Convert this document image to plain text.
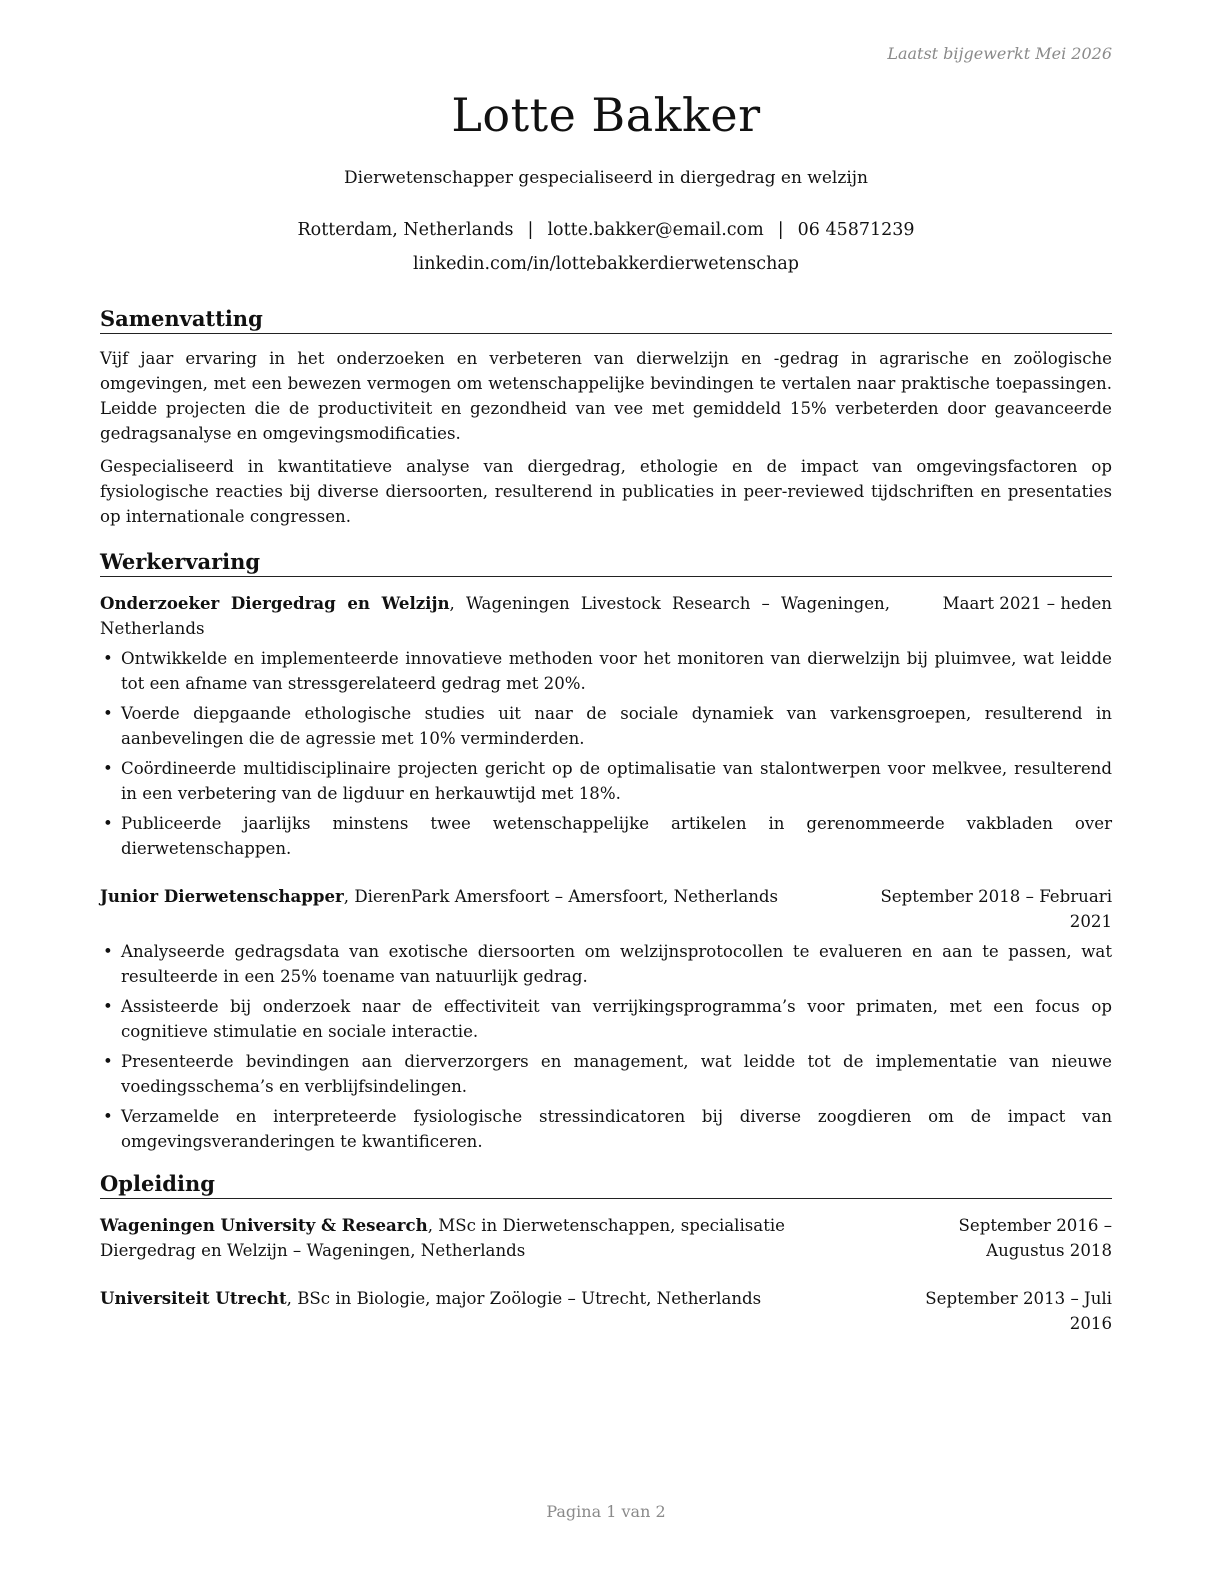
Laatst bijgewerkt Mei 2026
Lotte Bakker
Dierwetenschapper gespecialiseerd in diergedrag en welzijn
Rotterdam, Netherlands | lotte.bakker@email.com | 06 45871239
linkedin.com/in/lottebakkerdierwetenschap
Samenvatting

Vijf jaar ervaring in het onderzoeken en verbeteren van dierwelzijn en -gedrag in agrarische en zoölogische omgevingen, met een bewezen vermogen om wetenschappelijke bevindingen te vertalen naar praktische toepassingen. Leidde projecten die de productiviteit en gezondheid van vee met gemiddeld 15% verbeterden door geavanceerde gedragsanalyse en omgevingsmodificaties.

Gespecialiseerd in kwantitatieve analyse van diergedrag, ethologie en de impact van omgevingsfactoren op fysiologische reacties bij diverse diersoorten, resulterend in publicaties in peer-reviewed tijdschriften en presentaties op internationale congressen.

Werkervaring
Onderzoeker Diergedrag en Welzijn, Wageningen Livestock Research – Wageningen, Netherlands
Maart 2021 – heden
• Ontwikkelde en implementeerde innovatieve methoden voor het monitoren van dierwelzijn bij pluimvee, wat leidde tot een afname van stressgerelateerd gedrag met 20%.
• Voerde diepgaande ethologische studies uit naar de sociale dynamiek van varkensgroepen, resulterend in aanbevelingen die de agressie met 10% verminderden.
• Coördineerde multidisciplinaire projecten gericht op de optimalisatie van stalontwerpen voor melkvee, resulterend in een verbetering van de ligduur en herkauwtijd met 18%.
• Publiceerde jaarlijks minstens twee wetenschappelijke artikelen in gerenommeerde vakbladen over dierwetenschappen.
Junior Dierwetenschapper, DierenPark Amersfoort – Amersfoort, Netherlands	September 2018 – Februari 2021
• Analyseerde gedragsdata van exotische diersoorten om welzijnsprotocollen te evalueren en aan te passen, wat resulteerde in een 25% toename van natuurlijk gedrag.
• Assisteerde bij onderzoek naar de effectiviteit van verrijkingsprogramma’s voor primaten, met een focus op cognitieve stimulatie en sociale interactie.
• Presenteerde bevindingen aan dierverzorgers en management, wat leidde tot de implementatie van nieuwe voedingsschema’s en verblijfsindelingen.
• Verzamelde en interpreteerde fysiologische stressindicatoren bij diverse zoogdieren om de impact van omgevingsveranderingen te kwantificeren.
Opleiding
Wageningen University & Research, MSc in Dierwetenschappen, specialisatie Diergedrag en Welzijn – Wageningen, Netherlands
September 2016 – Augustus 2018
Universiteit Utrecht, BSc in Biologie, major Zoölogie – Utrecht, Netherlands	September 2013 – Juli 2016
Pagina 1 van 2
